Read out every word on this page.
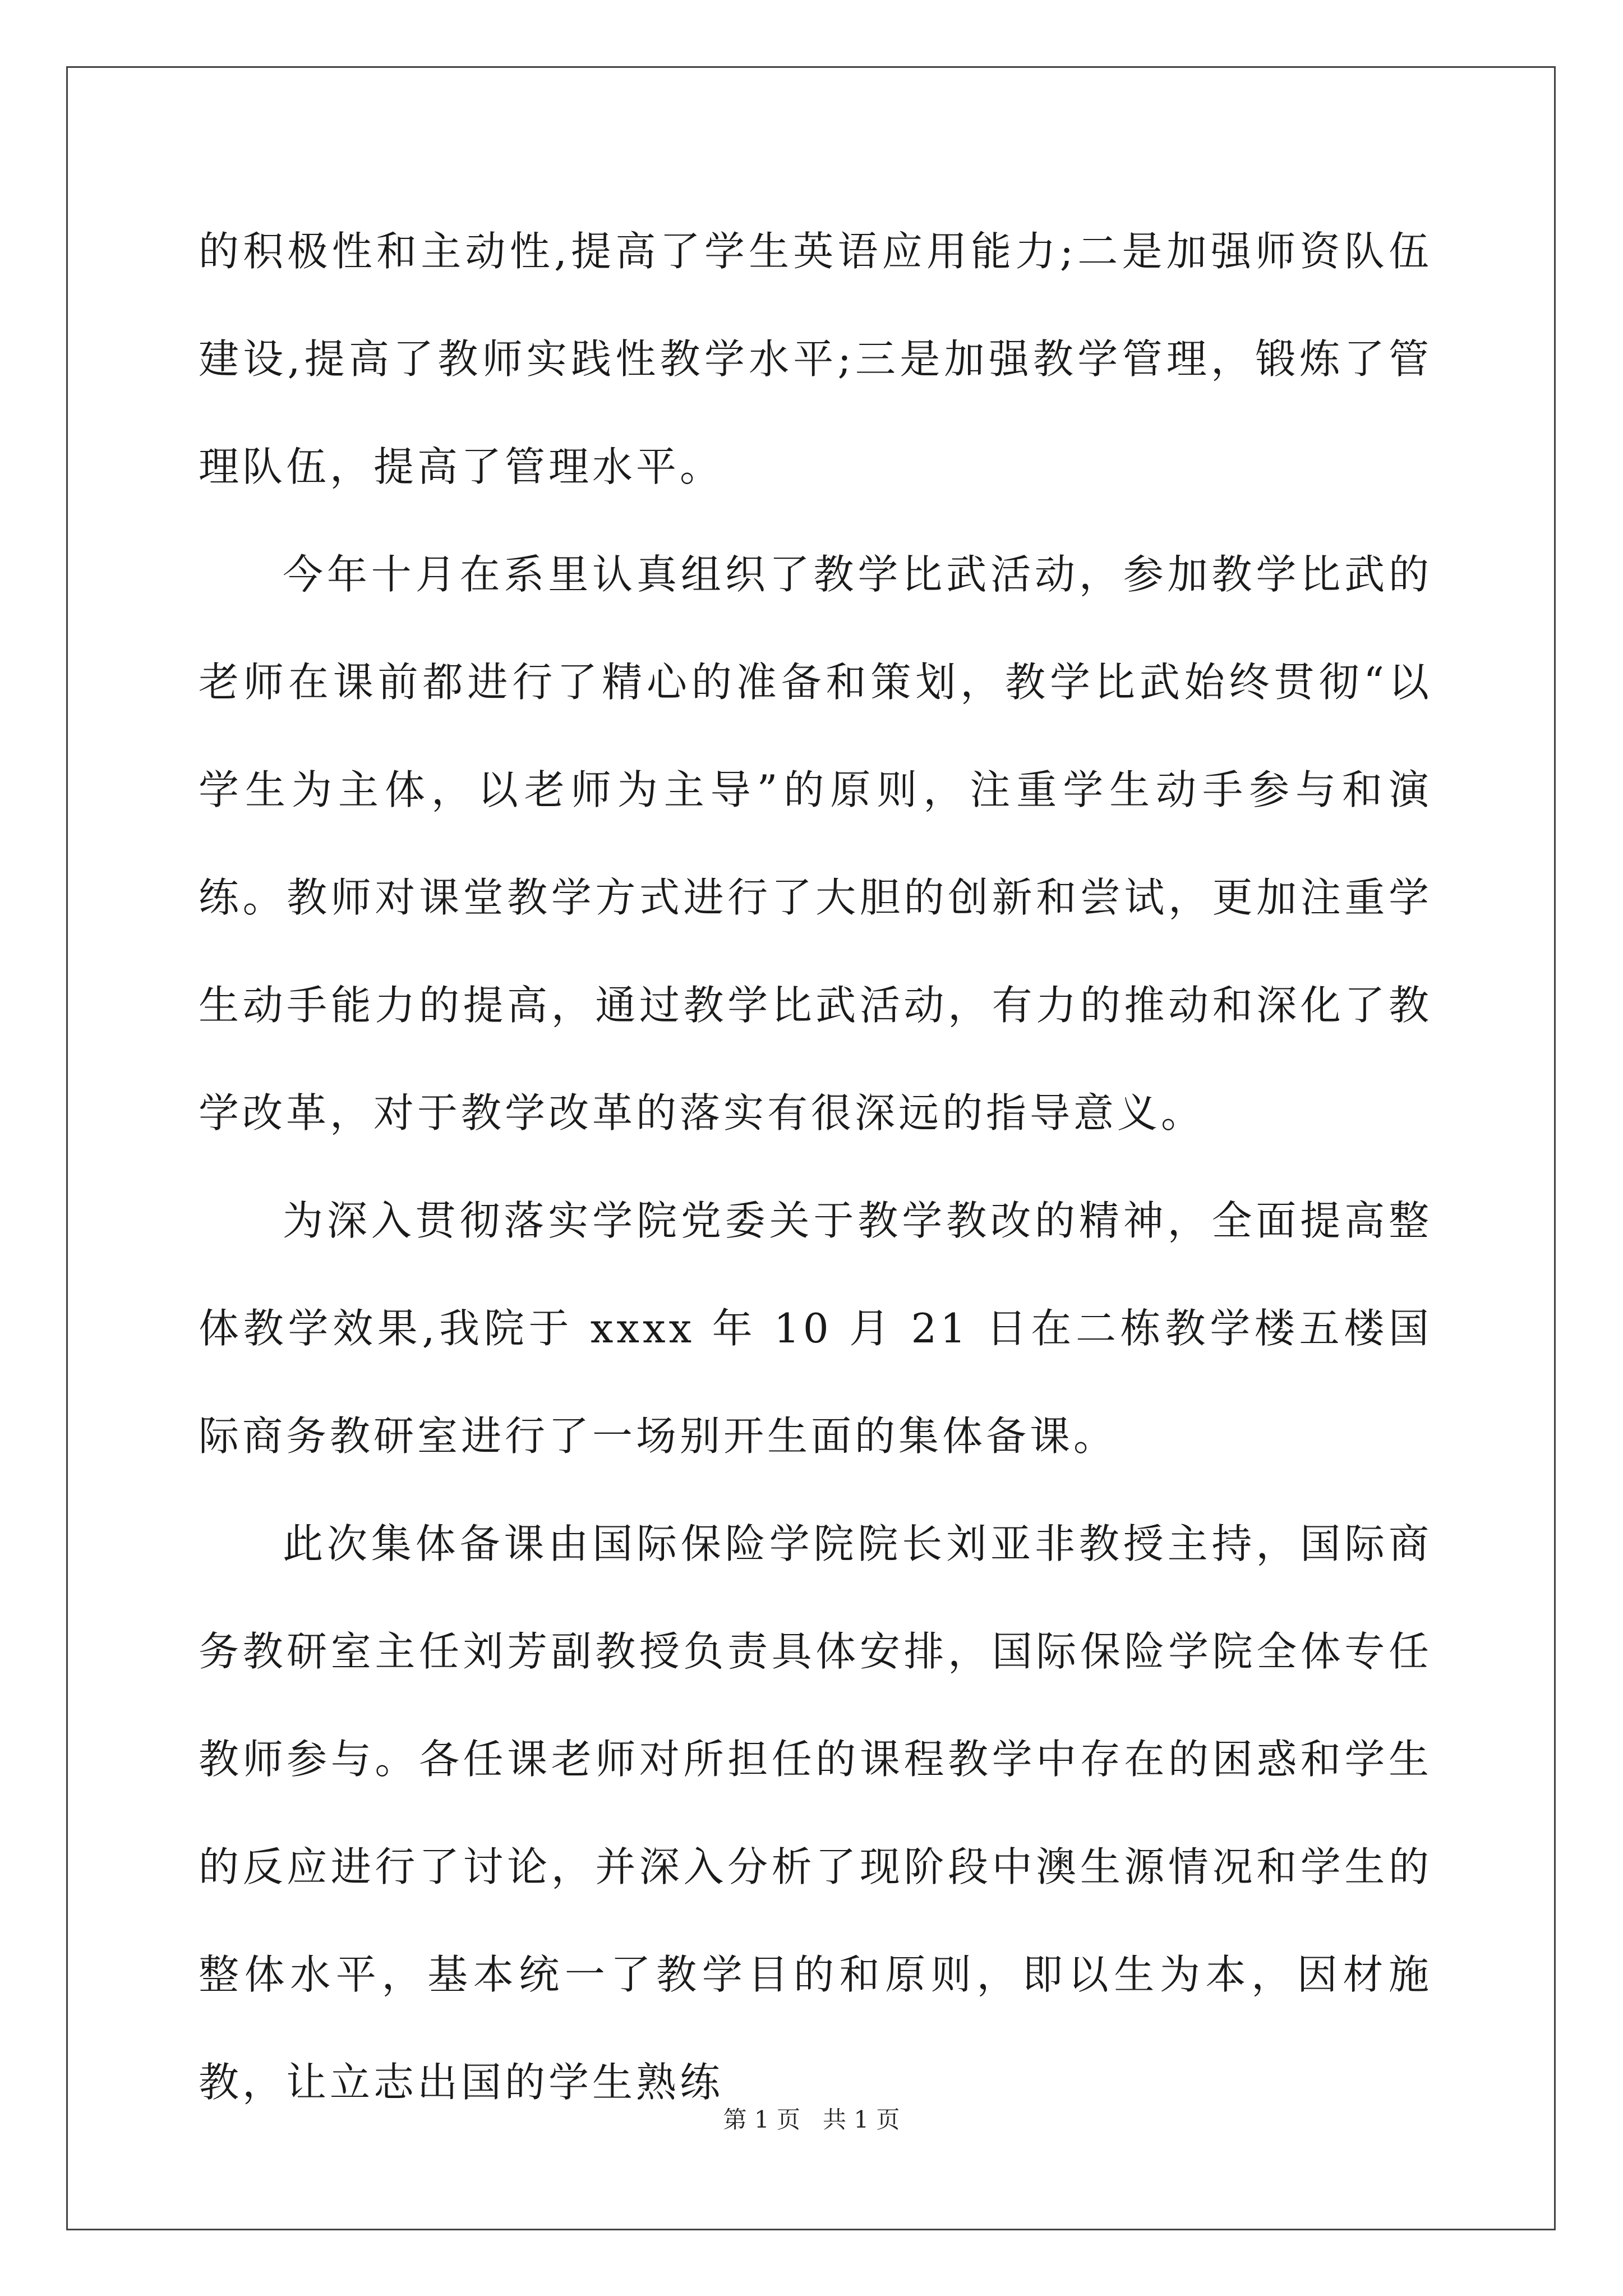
的积极性和主动性,提高了学生英语应用能力;二是加强师资队伍建设,提高了教师实践性教学水平;三是加强教学管理，锻炼了管理队伍，提高了管理水平。

今年十月在系里认真组织了教学比武活动，参加教学比武的老师在课前都进行了精心的准备和策划，教学比武始终贯彻“以学生为主体，以老师为主导”的原则，注重学生动手参与和演练。教师对课堂教学方式进行了大胆的创新和尝试，更加注重学生动手能力的提高，通过教学比武活动，有力的推动和深化了教学改革，对于教学改革的落实有很深远的指导意义。

为深入贯彻落实学院党委关于教学教改的精神，全面提高整体教学效果,我院于 xxxx 年 10 月 21 日在二栋教学楼五楼国际商务教研室进行了一场别开生面的集体备课。

此次集体备课由国际保险学院院长刘亚非教授主持，国际商务教研室主任刘芳副教授负责具体安排，国际保险学院全体专任教师参与。各任课老师对所担任的课程教学中存在的困惑和学生的反应进行了讨论，并深入分析了现阶段中澳生源情况和学生的整体水平，基本统一了教学目的和原则，即以生为本，因材施教，让立志出国的学生熟练

第 1 页 共 1 页
